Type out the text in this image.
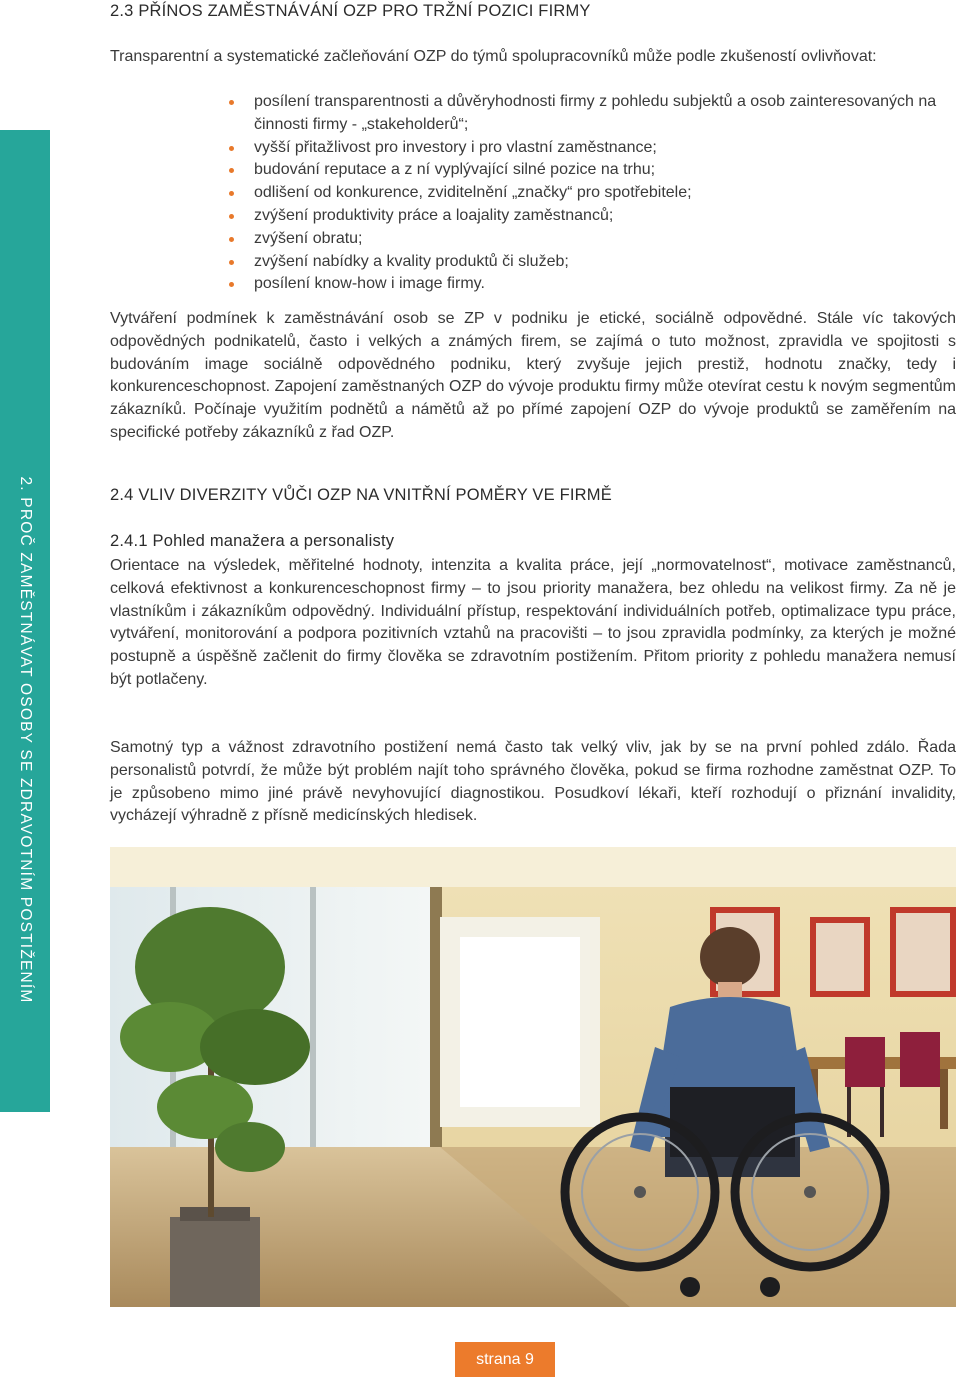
2. PROČ ZAMĚSTNÁVAT OSOBY SE ZDRAVOTNÍM POSTIŽENÍM
2.3 PŘÍNOS ZAMĚSTNÁVÁNÍ OZP PRO TRŽNÍ POZICI FIRMY

Transparentní a systematické začleňování OZP do týmů spolupracovníků může podle zkušeností ovlivňovat:

posílení transparentnosti a důvěryhodnosti firmy z pohledu subjektů a osob zainteresovaných na činnosti firmy - „stakeholderů“;
vyšší přitažlivost pro investory i pro vlastní zaměstnance;
budování reputace a z ní vyplývající silné pozice na trhu;
odlišení od konkurence, zviditelnění „značky“ pro spotřebitele;
zvýšení produktivity práce a loajality zaměstnanců;
zvýšení obratu;
zvýšení nabídky a kvality produktů či služeb;
posílení know-how i image firmy.

Vytváření podmínek k zaměstnávání osob se ZP v podniku je etické, sociálně odpovědné. Stále víc takových odpovědných podnikatelů, často i velkých a známých firem, se zajímá o tuto možnost, zpravidla ve spojitosti s budováním image sociálně odpovědného podniku, který zvyšuje jejich prestiž, hodnotu značky, tedy i konkurenceschopnost. Zapojení zaměstnaných OZP do vývoje produktu firmy může otevírat cestu k novým segmentům zákazníků. Počínaje využitím podnětů a námětů až po přímé zapojení OZP do vývoje produktů se zaměřením na specifické potřeby zákazníků z řad OZP.

2.4 VLIV DIVERZITY VŮČI OZP NA VNITŘNÍ POMĚRY VE FIRMĚ
2.4.1 Pohled manažera a personalisty

Orientace na výsledek, měřitelné hodnoty, intenzita a kvalita práce, její „normovatelnost“, motivace zaměstnanců, celková efektivnost a konkurenceschopnost firmy – to jsou priority manažera, bez ohledu na velikost firmy. Za ně je vlastníkům i zákazníkům odpovědný. Individuální přístup, respektování individuálních potřeb, optimalizace typu práce, vytváření, monitorování a podpora pozitivních vztahů na pracovišti – to jsou zpravidla podmínky, za kterých je možné postupně a úspěšně začlenit do firmy člověka se zdravotním postižením. Přitom priority z pohledu manažera nemusí být potlačeny.

Samotný typ a vážnost zdravotního postižení nemá často tak velký vliv, jak by se na první pohled zdálo. Řada personalistů potvrdí, že může být problém najít toho správného člověka, pokud se firma rozhodne zaměstnat OZP. To je způsobeno mimo jiné právě nevyhovující diagnostikou. Posudkoví lékaři, kteří rozhodují o přiznání invalidity, vycházejí výhradně z přísně medicínských hledisek.

strana 9
